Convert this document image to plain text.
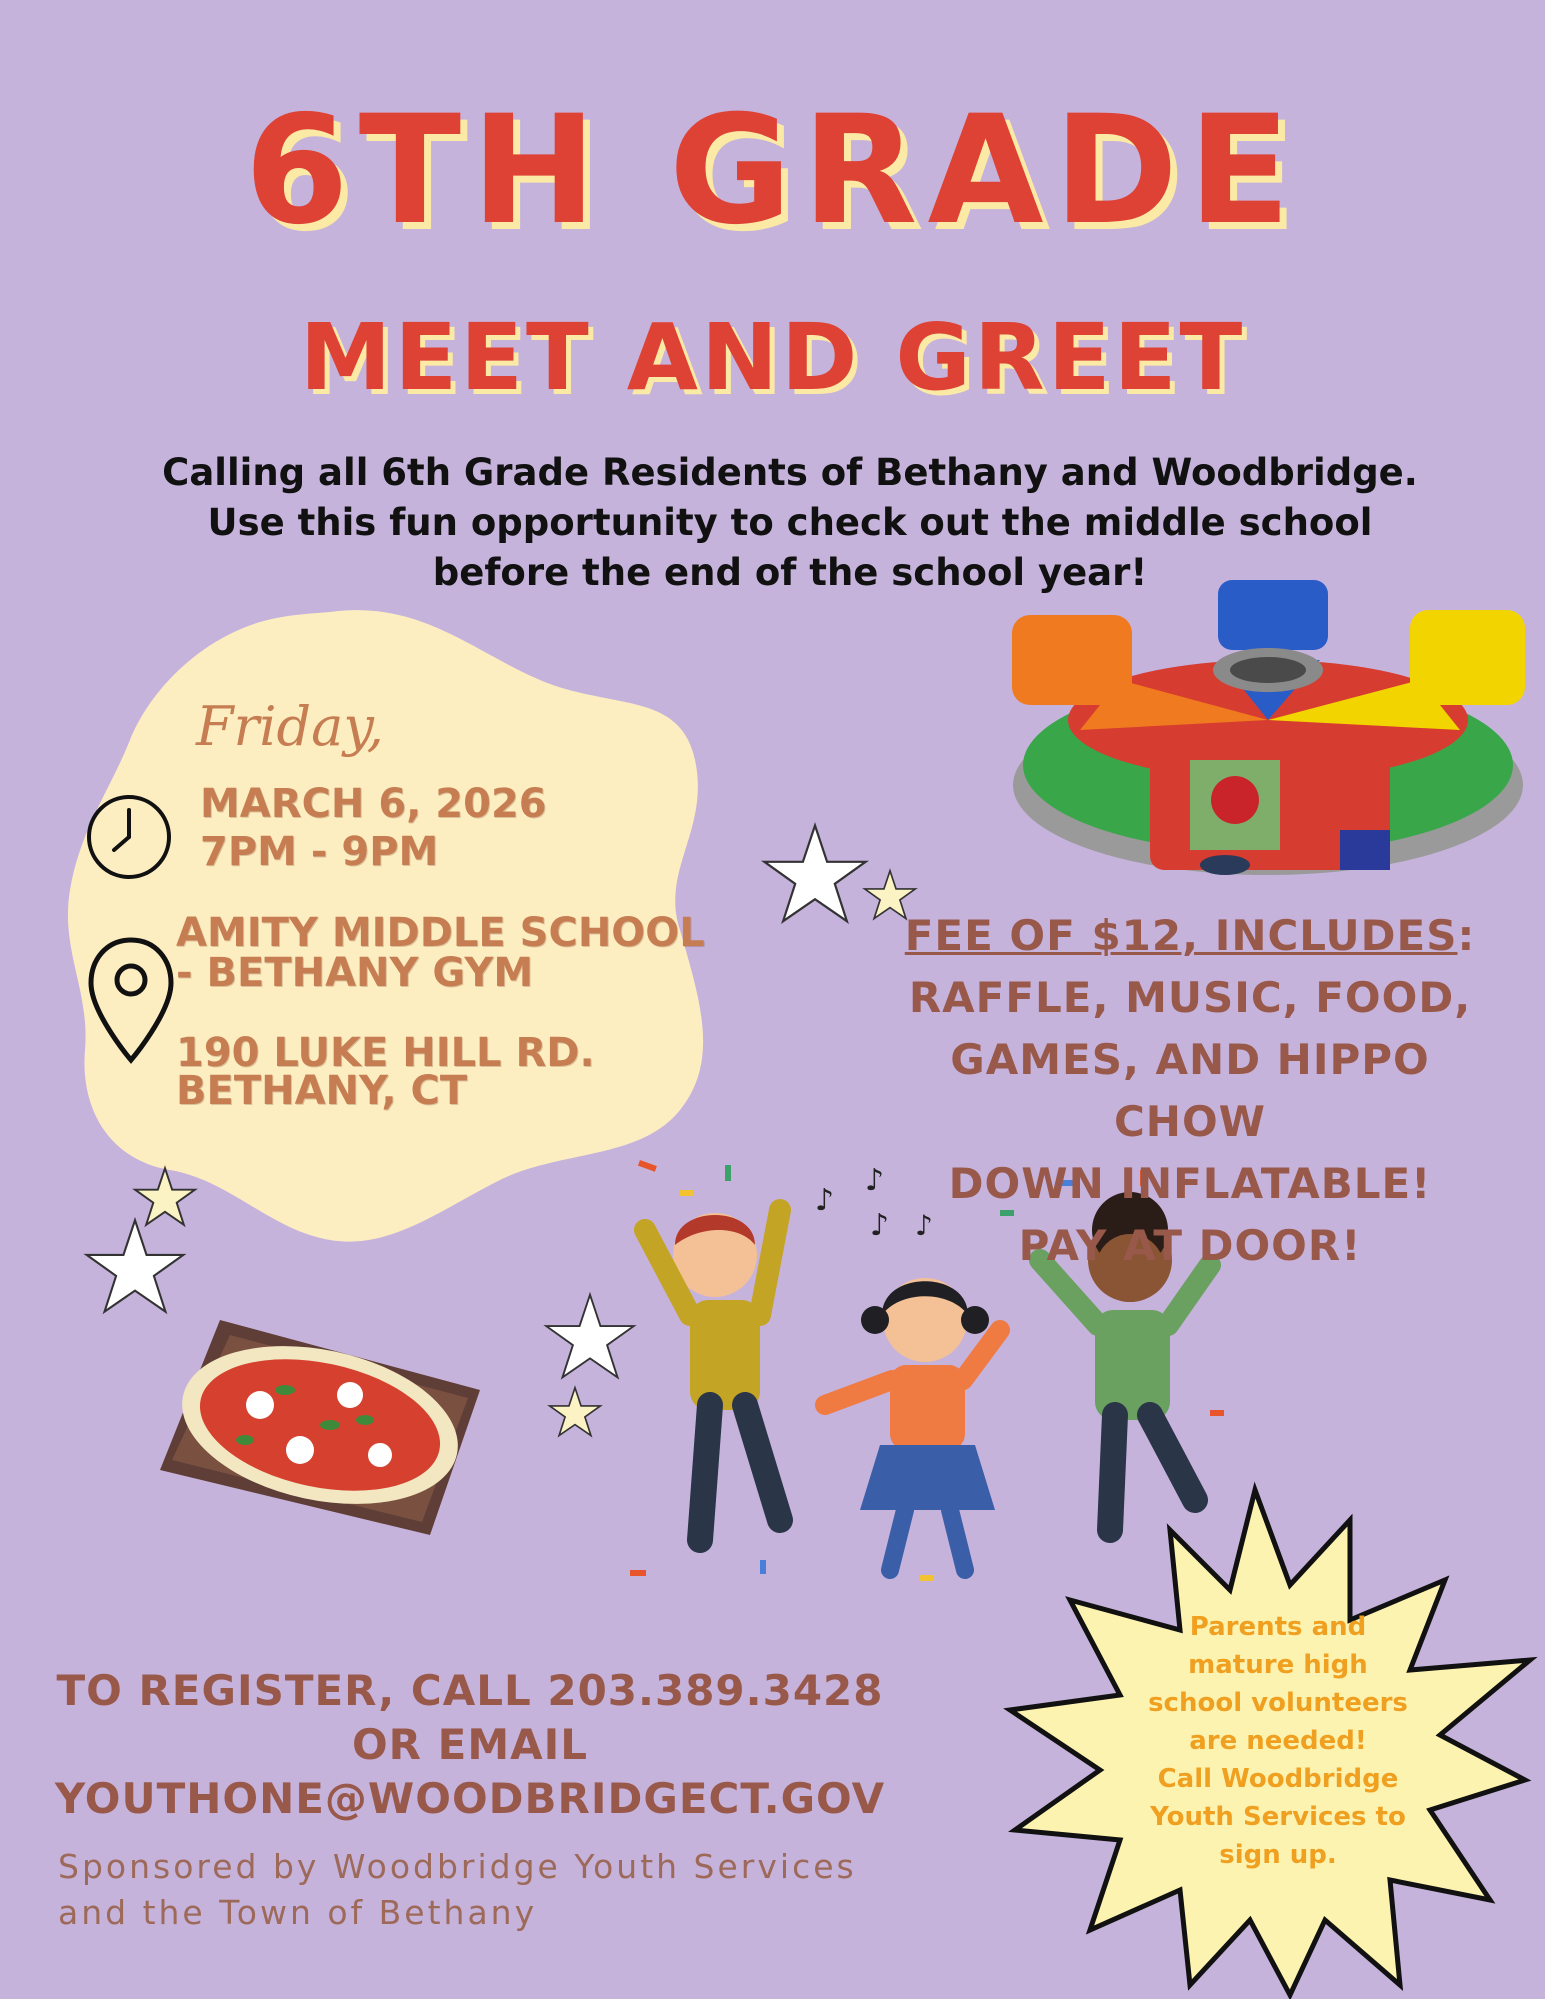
♪
♪
♪ ♪
6TH GRADE
MEET AND GREET
Calling all 6th Grade Residents of Bethany and Woodbridge.
Use this fun opportunity to check out the middle school
before the end of the school year!
Friday,
MARCH 6, 2026
7PM - 9PM
AMITY MIDDLE SCHOOL
- BETHANY GYM
190 LUKE HILL RD.
BETHANY, CT
FEE OF $12, INCLUDES:
RAFFLE, MUSIC, FOOD,
GAMES, AND HIPPO CHOW
DOWN INFLATABLE!
PAY AT DOOR!
TO REGISTER, CALL 203.389.3428
OR EMAIL
YOUTHONE@WOODBRIDGECT.GOV
Sponsored by Woodbridge Youth Services
and the Town of Bethany
Parents and
mature high
school volunteers
are needed!
Call Woodbridge
Youth Services to
sign up.
